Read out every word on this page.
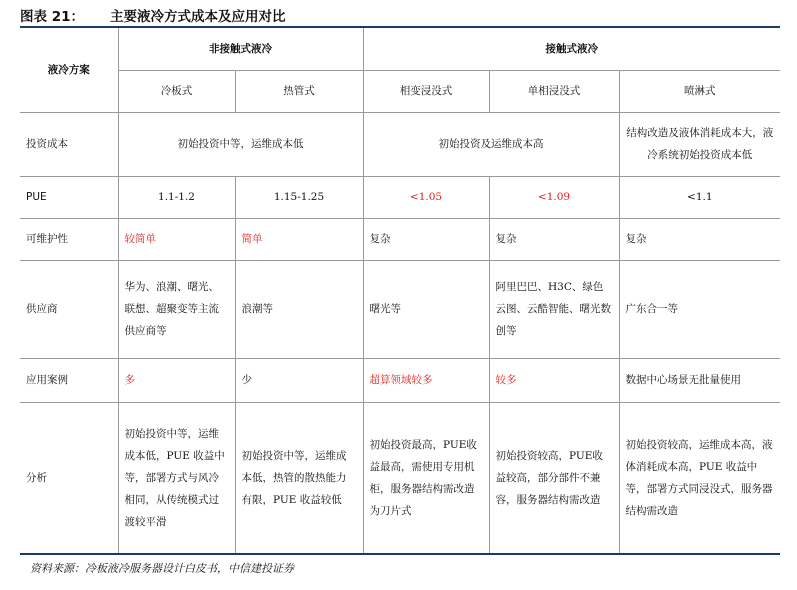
图表 21： 主要液冷方式成本及应用对比
液冷方案	非接触式液冷		接触式液冷		
	冷板式	热管式	相变浸没式	单相浸没式	喷淋式
投资成本	初始投资中等，运维成本低		初始投资及运维成本高		结构改造及液体消耗成本大，液冷系统初始投资成本低
PUE	1.1-1.2	1.15-1.25	<1.05	<1.09	<1.1
可维护性	较简单	简单	复杂	复杂	复杂
供应商	华为、浪潮、曙光、联想、超聚变等主流供应商等	浪潮等	曙光等	阿里巴巴、H3C、绿色云图、云酷智能、曙光数创等	广东合一等
应用案例	多	少	超算领域较多	较多	数据中心场景无批量使用
分析	初始投资中等，运维成本低，PUE 收益中等，部署方式与风冷相同，从传统模式过渡较平滑	初始投资中等，运维成本低，热管的散热能力有限，PUE 收益较低	初始投资最高，PUE收益最高，需使用专用机柜，服务器结构需改造为刀片式	初始投资较高，PUE收益较高，部分部件不兼容，服务器结构需改造	初始投资较高，运维成本高，液体消耗成本高，PUE 收益中等，部署方式同浸没式，服务器结构需改造
资料来源：冷板液冷服务器设计白皮书，中信建投证券
